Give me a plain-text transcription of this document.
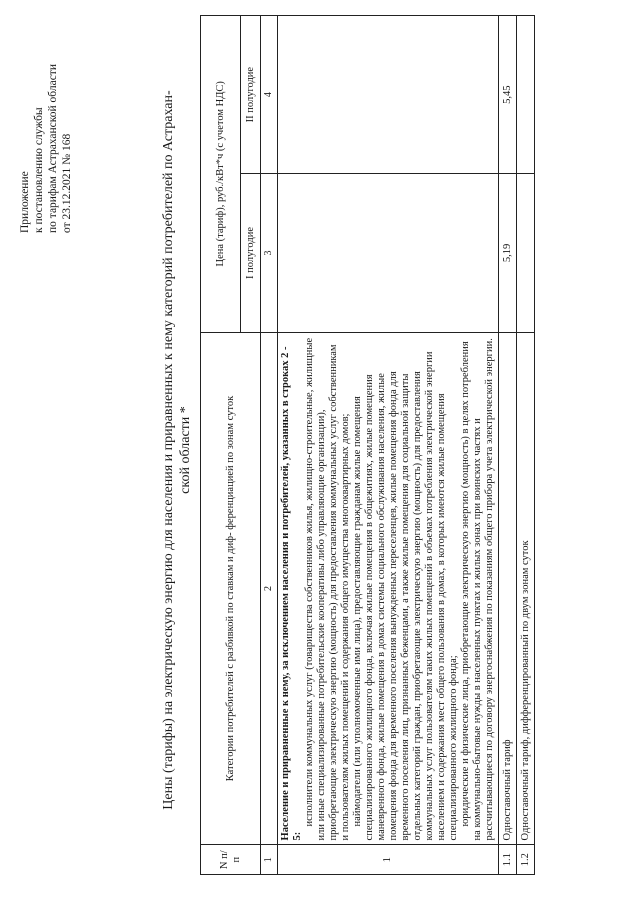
Приложение к постановлению службы по тарифам Астраханской области от 23.12.2021 № 168	Цены (тарифы) на электрическую энергию для населения и приравненных к нему категорий потребителей по Астрахан- ской области *
N п/п	Категории потребителей с разбивкой по ставкам и диф- ференциацией по зонам суток	Цена (тариф), руб./кВт*ч (с учетом НДС)	
		I полугодие	II полугодие
1	2	3	4
1	Население и приравненные к нему, за исключением населения и потребителей, указанных в строках 2 - 5:

исполнители коммунальных услуг (товарищества собственников жилья, жилищно-строительные, жилищные или иные специализированные потребительские кооперативы либо управляющие организации), приобретающие электрическую энергию (мощность) для предоставления коммунальных услуг собственникам и пользователям жилых помещений и содержания общего имущества многоквартирных домов; наймодатели (или уполномоченные ими лица), предоставляющие гражданам жилые помещения специализированного жилищного фонда, включая жилые помещения в общежитиях, жилые помещения маневренного фонда, жилые помещения в домах системы социального обслуживания населения, жилые помещения фонда для временного поселения вынужденных переселенцев, жилые помещения фонда для временного поселения лиц, признанных беженцами, а также жилые помещения для социальной защиты отдельных категорий граждан, приобретающие электрическую энергию (мощность) для предоставления коммунальных услуг пользователям таких жилых помещений в объемах потребления электрической энергии населением и содержания мест общего пользования в домах, в которых имеются жилые помещения специализированного жилищного фонда; юридические и физические лица, приобретающие электрическую энергию (мощность) в целях потребления на коммунально-бытовые нужды в населенных пунктах и жилых зонах при воинских частях и рассчитывающиеся по договору энергоснабжения по показаниям общего прибора учета электрической энергии.		

1.1	Одноставочный тариф	5,19	5,45
1.2	Одноставочный тариф, дифференцированный по двум зонам суток		
